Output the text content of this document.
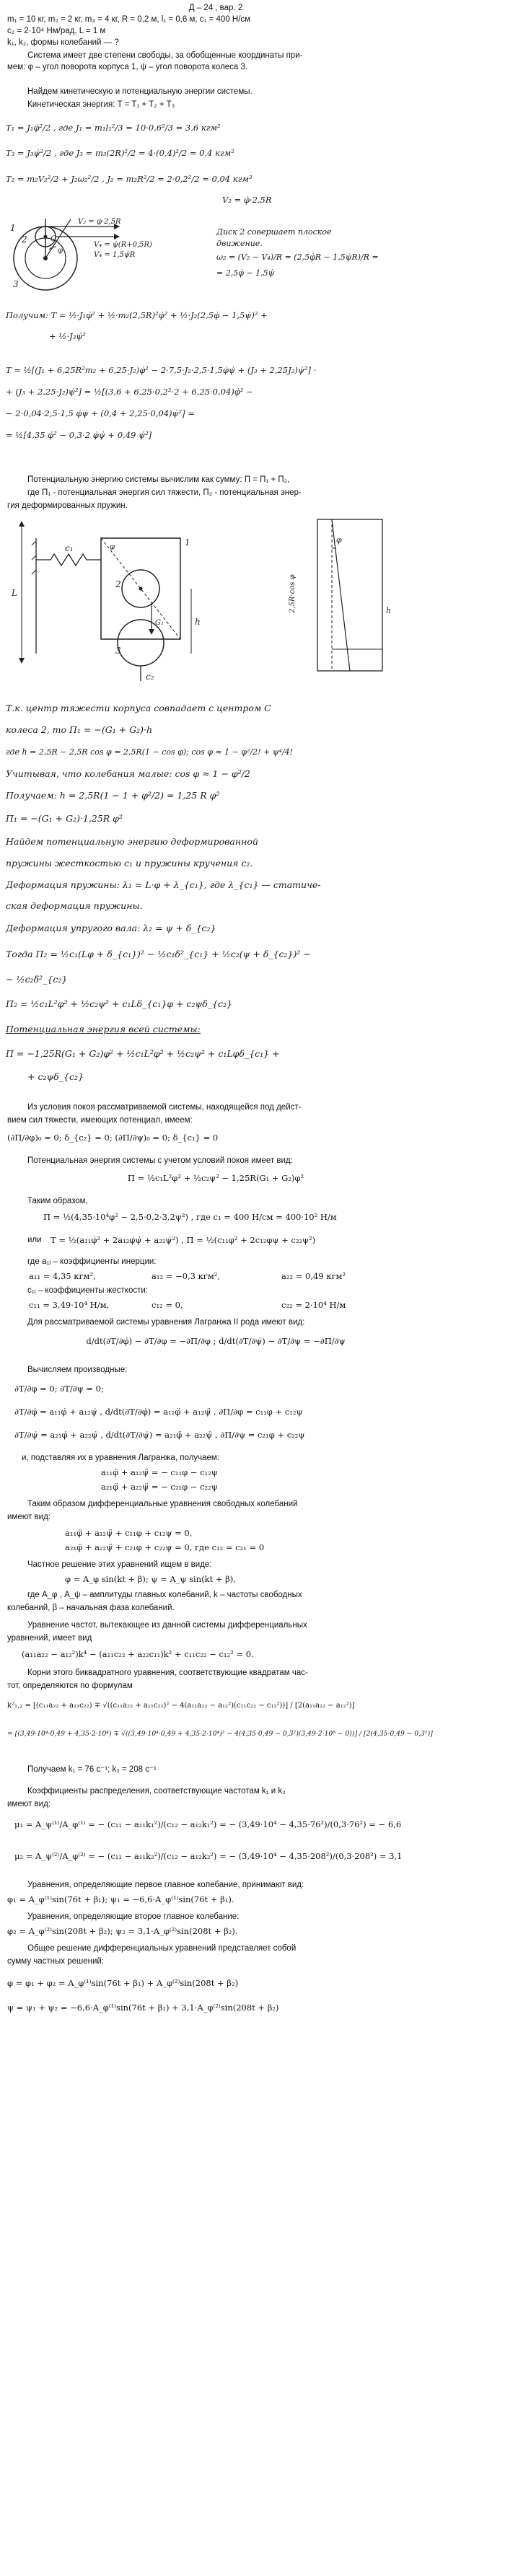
Д – 24 , вар. 2
m₁ = 10 кг, m₂ = 2 кг, m₃ = 4 кг, R = 0,2 м, l₁ = 0,6 м, c₁ = 400 Н/см
c₂ = 2·10⁴ Нм/рад, L = 1 м
k₁, k₂, формы колебаний — ?
Система имеет две степени свободы, за обобщенные координаты при-
мем: φ – угол поворота корпуса 1, ψ – угол поворота колеса 3.
Найдем кинетическую и потенциальную энергии системы.
Кинетическая энергия: T = T₁ + T₂ + T₃
T₁ = J₁φ̇²/2 , где J₁ = m₁l₁²/3 = 10·0,6²/3 = 3,6 кгм²
T₃ = J₃ψ̇²/2 , где J₃ = m₃(2R)²/2 = 4·(0,4)²/2 = 0,4 кгм²
T₂ = m₂V₂²/2 + J₂ω₂²/2 , J₂ = m₂R²/2 = 2·0,2²/2 = 0,04 кгм²
V₂ = φ̇·2,5R
1
2
3
C
φ
V₂ = φ̇·2,5R
V₄ = ψ̇(R+0,5R)
V₄ = 1,5ψ̇R
Диск 2 совершает плоское
движение.
ω₂ = (V₂ − V₄)/R = (2,5φ̇R − 1,5ψ̇R)/R =
= 2,5φ̇ − 1,5ψ̇
Получим: T = ½·J₁φ̇² + ½·m₂(2,5R)²φ̇² + ½·J₂(2,5φ̇ − 1,5ψ̇)² +
+ ½·J₃ψ̇²
T = ½[(J₁ + 6,25R²m₂ + 6,25·J₂)φ̇² − 2·7,5·J₂·2,5·1,5φ̇ψ̇ + (J₃ + 2,25J₂)ψ̇²] ·
+ (J₃ + 2,25·J₂)ψ̇²] = ½[(3,6 + 6,25·0,2²·2 + 6,25·0,04)φ̇² −
− 2·0,04·2,5·1,5 φ̇ψ̇ + (0,4 + 2,25·0,04)ψ̇²] =
= ½[4,35 φ̇² − 0,3·2 φ̇ψ̇ + 0,49 ψ̇²]
Потенциальную энергию системы вычислим как сумму: П = П₁ + П₂,
где П₁ - потенциальная энергия сил тяжести, П₂ - потенциальная энер-
гия деформированных пружин.
L
c₁
c₂
1
2
3
h
G₁
φ
2,5R·cos φ
φ
h
Т.к. центр тяжести корпуса совпадает с центром C
колеса 2, то П₁ = −(G₁ + G₂)·h
где h = 2,5R − 2,5R cos φ = 2,5R(1 − cos φ); cos φ ≈ 1 − φ²/2! + ψ⁴/4!
Учитывая, что колебания малые: cos φ ≈ 1 − φ²/2
Получаем: h = 2,5R(1 − 1 + φ²/2) = 1,25 R φ²
П₁ = −(G₁ + G₂)·1,25R φ²
Найдем потенциальную энергию деформированной
пружины жесткостью c₁ и пружины кручения c₂.
Деформация пружины: λ₁ = L·φ + λ_{c₁}, где λ_{c₁} — статиче-
ская деформация пружины.
Деформация упругого вала: λ₂ = ψ + δ_{c₂}
Тогда П₂ = ½c₁(Lφ + δ_{c₁})² − ½c₁δ²_{c₁} + ½c₂(ψ + δ_{c₂})² −
− ½c₂δ²_{c₂}
П₂ = ½c₁L²φ² + ½c₂ψ² + c₁Lδ_{c₁}φ + c₂ψδ_{c₂}
Потенциальная энергия всей системы:
П = −1,25R(G₁ + G₂)φ² + ½c₁L²φ² + ½c₂ψ² + c₁Lφδ_{c₁} +
+ c₂ψδ_{c₂}
Из условия покоя рассматриваемой системы, находящейся под дейст-
вием сил тяжести, имеющих потенциал, имеем:
(∂П/∂φ)₀ = 0; δ_{c₂} = 0; (∂П/∂ψ)₀ = 0; δ_{c₁} = 0
Потенциальная энергия системы с учетом условий покоя имеет вид:
П = ½c₁L²φ² + ½c₂ψ² − 1,25R(G₁ + G₂)φ²
Таким образом,
П = ½(4,35·10⁴φ² − 2,5·0,2·3,2ψ²) , где c₁ = 400 Н/см = 400·10² Н/м
или	T = ½(a₁₁φ̇² + 2a₁₂φ̇ψ̇ + a₂₂ψ̇²) , П = ½(c₁₁φ² + 2c₁₂φψ + c₂₂ψ²)
где a₁ⱼ – коэффициенты инерции:
a₁₁ = 4,35 кгм²,	a₁₂ = −0,3 кгм²,	a₂₂ = 0,49 кгм²
c₁ⱼ – коэффициенты жесткости:
c₁₁ = 3,49·10⁴ Н/м,	c₁₂ = 0,	c₂₂ = 2·10⁴ Н/м
Для рассматриваемой системы уравнения Лагранжа II рода имеют вид:
d/dt(∂T/∂φ̇) − ∂T/∂φ = −∂П/∂φ ; d/dt(∂T/∂ψ̇) − ∂T/∂ψ = −∂П/∂ψ
Вычисляем производные:
∂T/∂φ = 0; ∂T/∂ψ = 0;
∂T/∂φ̇ = a₁₁φ̇ + a₁₂ψ̇ , d/dt(∂T/∂φ̇) = a₁₁φ̈ + a₁₂ψ̈ , ∂П/∂φ = c₁₁φ + c₁₂ψ
∂T/∂ψ̇ = a₂₁φ̇ + a₂₂ψ̇ , d/dt(∂T/∂ψ̇) = a₂₁φ̈ + a₂₂ψ̈ , ∂П/∂ψ = c₂₁φ + c₂₂ψ
и, подставляя их в уравнения Лагранжа, получаем:
a₁₁φ̈ + a₁₂ψ̈ = − c₁₁φ − c₁₂ψ
a₂₁φ̈ + a₂₂ψ̈ = − c₂₁φ − c₂₂ψ
Таким образом дифференциальные уравнения свободных колебаний
имеют вид:
a₁₁φ̈ + a₁₂ψ̈ + c₁₁φ + c₁₂ψ = 0,
a₂₁φ̈ + a₂₂ψ̈ + c₂₁φ + c₂₂ψ = 0, где c₁₂ = c₂₁ = 0
Частное решение этих уравнений ищем в виде:
φ = A_φ sin(kt + β); ψ = A_ψ sin(kt + β),
где A_φ , A_ψ – амплитуды главных колебаний, k – частоты свободных
колебаний, β – начальная фаза колебаний.
Уравнение частот, вытекающее из данной системы дифференциальных
уравнений, имеет вид
(a₁₁a₂₂ − a₁₂²)k⁴ − (a₁₁c₂₂ + a₂₂c₁₁)k² + c₁₁c₂₂ − c₁₂² = 0.
Корни этого биквадратного уравнения, соответствующие квадратам час-
тот, определяются по формулам
k²₁,₂ = [(c₁₁a₂₂ + a₁₁c₂₂) ∓ √((c₁₁a₂₂ + a₁₁c₂₂)² − 4(a₁₁a₂₂ − a₁₂²)(c₁₁c₂₂ − c₁₂²))] / [2(a₁₁a₂₂ − a₁₂²)]
= [(3,49·10⁴·0,49 + 4,35·2·10⁴) ∓ √((3,49·10⁴·0,49 + 4,35·2·10⁴)² − 4(4,35·0,49 − 0,3²)(3,49·2·10⁸ − 0))] / [2(4,35·0,49 − 0,3²)]
Получаем k₁ = 76 с⁻¹; k₂ = 208 с⁻¹
Коэффициенты распределения, соответствующие частотам k₁ и k₂
имеют вид:
μ₁ = A_ψ⁽¹⁾/A_φ⁽¹⁾ = − (c₁₁ − a₁₁k₁²)/(c₁₂ − a₁₂k₁²) = − (3,49·10⁴ − 4,35·76²)/(0,3·76²) = − 6,6
μ₂ = A_ψ⁽²⁾/A_φ⁽²⁾ = − (c₁₁ − a₁₁k₂²)/(c₁₂ − a₁₂k₂²) = − (3,49·10⁴ − 4,35·208²)/(0,3·208²) = 3,1
Уравнения, определяющие первое главное колебание, принимают вид:
φ₁ = A_φ⁽¹⁾sin(76t + β₁); ψ₁ = −6,6·A_φ⁽¹⁾sin(76t + β₁).
Уравнения, определяющие второе главное колебание:
φ₂ = A_φ⁽²⁾sin(208t + β₂); ψ₂ = 3,1·A_φ⁽²⁾sin(208t + β₂).
Общее решение дифференциальных уравнений представляет собой
сумму частных решений:
φ = φ₁ + φ₂ = A_φ⁽¹⁾sin(76t + β₁) + A_φ⁽²⁾sin(208t + β₂)
ψ = ψ₁ + ψ₂ = −6,6·A_φ⁽¹⁾sin(76t + β₁) + 3,1·A_φ⁽²⁾sin(208t + β₂)
